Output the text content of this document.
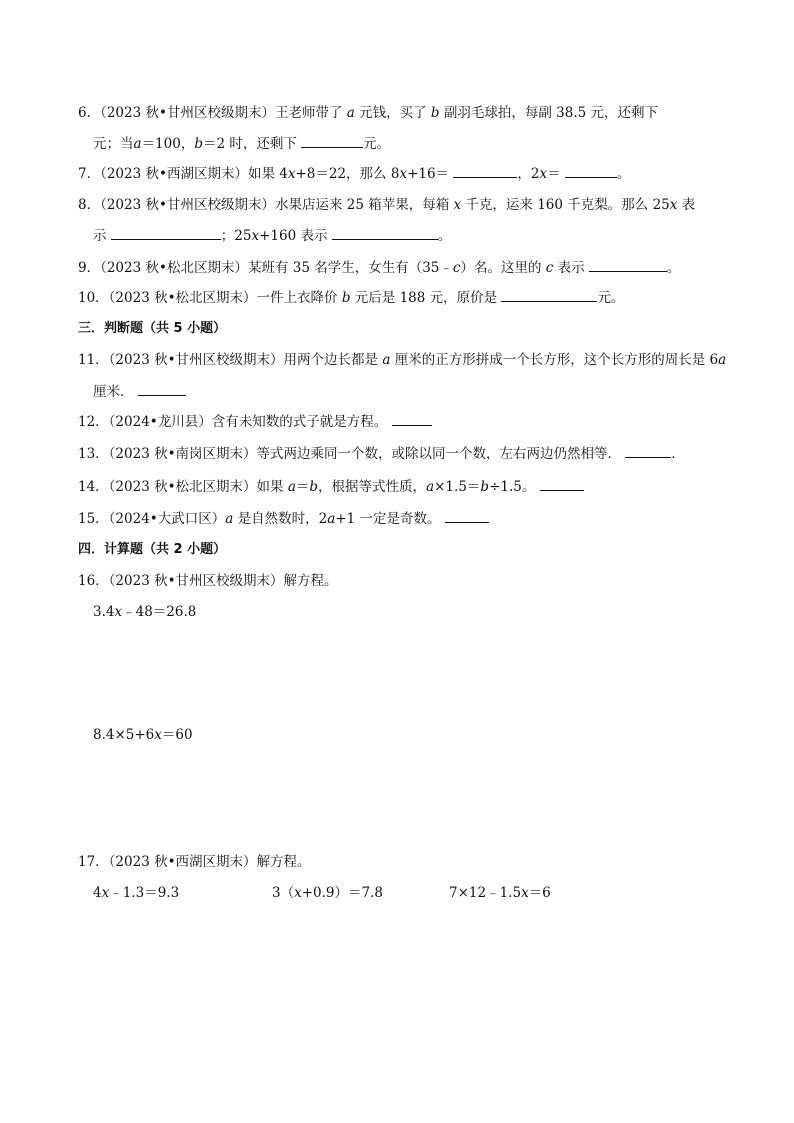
6．（2023 秋•甘州区校级期末）王老师带了 a 元钱，买了 b 副羽毛球拍，每副 38.5 元，还剩下
元；当a＝100，b＝2 时，还剩下	元。
7．（2023 秋•西湖区期末）如果 4x+8＝22，那么 8x+16＝	，2x＝	。
8．（2023 秋•甘州区校级期末）水果店运来 25 箱苹果，每箱 x 千克，运来 160 千克梨。那么 25x 表
示	；25x+160 表示	。
9．（2023 秋•松北区期末）某班有 35 名学生，女生有（35﹣c）名。这里的 c 表示	。
10．（2023 秋•松北区期末）一件上衣降价 b 元后是 188 元，原价是	元。
三．判断题（共 5 小题）
11．（2023 秋•甘州区校级期末）用两个边长都是 a 厘米的正方形拼成一个长方形，这个长方形的周长是 6a
厘米．
12．（2024•龙川县）含有未知数的式子就是方程。
13．（2023 秋•南岗区期末）等式两边乘同一个数，或除以同一个数，左右两边仍然相等．	．
14．（2023 秋•松北区期末）如果 a＝b，根据等式性质，a×1.5＝b÷1.5。
15．（2024•大武口区）a 是自然数时，2a+1 一定是奇数。
四．计算题（共 2 小题）
16．（2023 秋•甘州区校级期末）解方程。
3.4x﹣48＝26.8
8.4×5+6x＝60
17．（2023 秋•西湖区期末）解方程。
4x﹣1.3＝9.3	3（x+0.9）＝7.8	7×12﹣1.5x＝6
